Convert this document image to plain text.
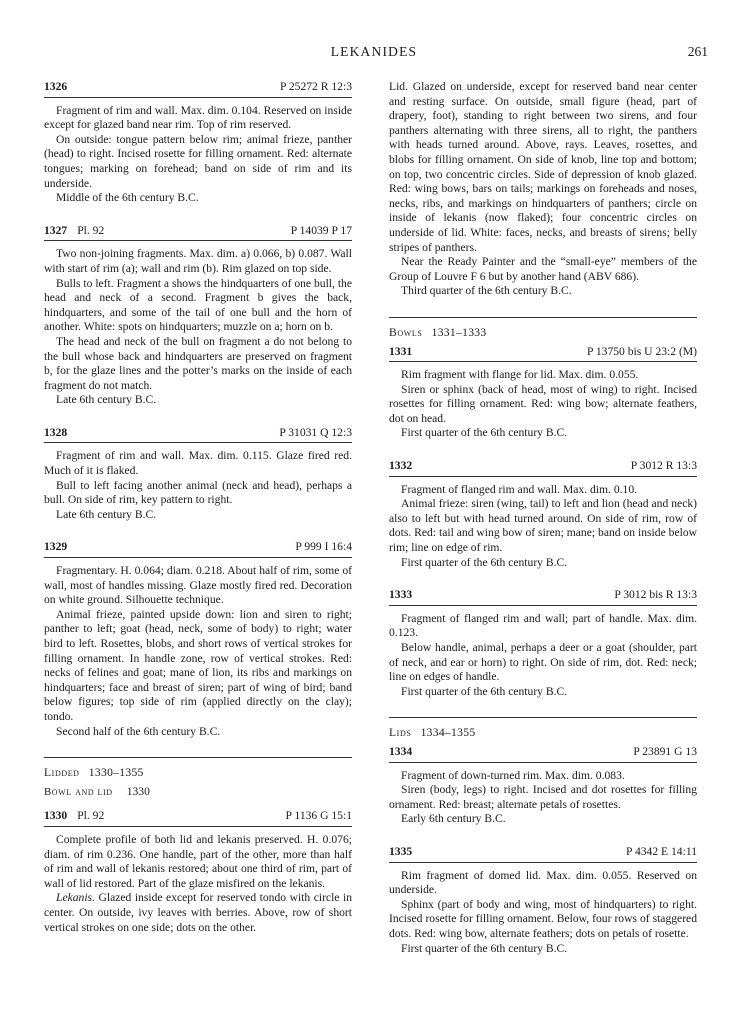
LEKANIDES	261
1326	P 25272 R 12:3

Fragment of rim and wall. Max. dim. 0.104. Reserved on inside except for glazed band near rim. Top of rim reserved.

On outside: tongue pattern below rim; animal frieze, panther (head) to right. Incised rosette for filling ornament. Red: alternate tongues; marking on forehead; band on side of rim and its underside.

Middle of the 6th century B.C.

1327 Pl. 92	P 14039 P 17

Two non-joining fragments. Max. dim. a) 0.066, b) 0.087. Wall with start of rim (a); wall and rim (b). Rim glazed on top side.

Bulls to left. Fragment a shows the hindquarters of one bull, the head and neck of a second. Fragment b gives the back, hindquarters, and some of the tail of one bull and the horn of another. White: spots on hindquarters; muzzle on a; horn on b.

The head and neck of the bull on fragment a do not belong to the bull whose back and hindquarters are preserved on fragment b, for the glaze lines and the potter’s marks on the inside of each fragment do not match.

Late 6th century B.C.

1328	P 31031 Q 12:3

Fragment of rim and wall. Max. dim. 0.115. Glaze fired red. Much of it is flaked.

Bull to left facing another animal (neck and head), perhaps a bull. On side of rim, key pattern to right.

Late 6th century B.C.

1329	P 999 I 16:4

Fragmentary. H. 0.064; diam. 0.218. About half of rim, some of wall, most of handles missing. Glaze mostly fired red. Decoration on white ground. Silhouette technique.

Animal frieze, painted upside down: lion and siren to right; panther to left; goat (head, neck, some of body) to right; water bird to left. Rosettes, blobs, and short rows of vertical strokes for filling ornament. In handle zone, row of vertical strokes. Red: necks of felines and goat; mane of lion, its ribs and markings on hindquarters; face and breast of siren; part of wing of bird; band below figures; top side of rim (applied directly on the clay); tondo.

Second half of the 6th century B.C.

Lidded 1330–1355
Bowl and lid 1330
1330 Pl. 92	P 1136 G 15:1

Complete profile of both lid and lekanis preserved. H. 0.076; diam. of rim 0.236. One handle, part of the other, more than half of rim and wall of lekanis restored; about one third of rim, part of wall of lid restored. Part of the glaze misfired on the lekanis.

Lekanis. Glazed inside except for reserved tondo with circle in center. On outside, ivy leaves with berries. Above, row of short vertical strokes on one side; dots on the other.

Lid. Glazed on underside, except for reserved band near center and resting surface. On outside, small figure (head, part of drapery, foot), standing to right between two sirens, and four panthers alternating with three sirens, all to right, the panthers with heads turned around. Above, rays. Leaves, rosettes, and blobs for filling ornament. On side of knob, line top and bottom; on top, two concentric circles. Side of depression of knob glazed. Red: wing bows, bars on tails; markings on foreheads and noses, necks, ribs, and markings on hindquarters of panthers; circle on inside of lekanis (now flaked); four concentric circles on underside of lid. White: faces, necks, and breasts of sirens; belly stripes of panthers.

Near the Ready Painter and the “small-eye” members of the Group of Louvre F 6 but by another hand (ABV 686).

Third quarter of the 6th century B.C.

Bowls 1331–1333
1331	P 13750 bis U 23:2 (M)

Rim fragment with flange for lid. Max. dim. 0.055.

Siren or sphinx (back of head, most of wing) to right. Incised rosettes for filling ornament. Red: wing bow; alternate feathers, dot on head.

First quarter of the 6th century B.C.

1332	P 3012 R 13:3

Fragment of flanged rim and wall. Max. dim. 0.10.

Animal frieze: siren (wing, tail) to left and lion (head and neck) also to left but with head turned around. On side of rim, row of dots. Red: tail and wing bow of siren; mane; band on inside below rim; line on edge of rim.

First quarter of the 6th century B.C.

1333	P 3012 bis R 13:3

Fragment of flanged rim and wall; part of handle. Max. dim. 0.123.

Below handle, animal, perhaps a deer or a goat (shoulder, part of neck, and ear or horn) to right. On side of rim, dot. Red: neck; line on edges of handle.

First quarter of the 6th century B.C.

Lids 1334–1355
1334	P 23891 G 13

Fragment of down-turned rim. Max. dim. 0.083.

Siren (body, legs) to right. Incised and dot rosettes for filling ornament. Red: breast; alternate petals of rosettes.

Early 6th century B.C.

1335	P 4342 E 14:11

Rim fragment of domed lid. Max. dim. 0.055. Reserved on underside.

Sphinx (part of body and wing, most of hindquarters) to right. Incised rosette for filling ornament. Below, four rows of staggered dots. Red: wing bow, alternate feathers; dots on petals of rosette.

First quarter of the 6th century B.C.
